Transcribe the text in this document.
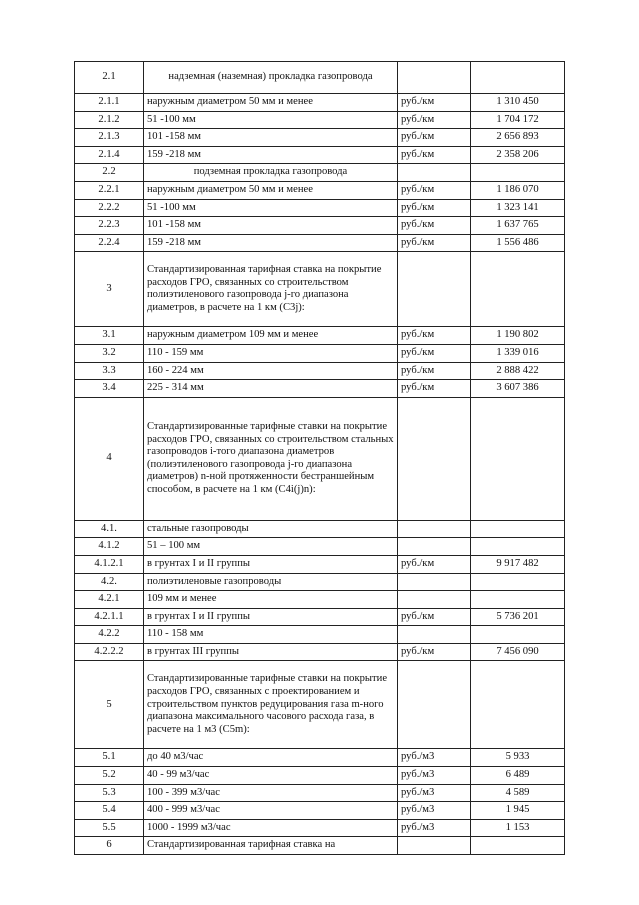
2.1	надземная (наземная) прокладка газопровода		
2.1.1	наружным диаметром 50 мм и менее	руб./км	1 310 450
2.1.2	51 -100 мм	руб./км	1 704 172
2.1.3	101 -158 мм	руб./км	2 656 893
2.1.4	159 -218 мм	руб./км	2 358 206
2.2	подземная прокладка газопровода		
2.2.1	наружным диаметром 50 мм и менее	руб./км	1 186 070
2.2.2	51 -100 мм	руб./км	1 323 141
2.2.3	101 -158 мм	руб./км	1 637 765
2.2.4	159 -218 мм	руб./км	1 556 486
3	Стандартизированная тарифная ставка на покрытие расходов ГРО, связанных со строительством полиэтиленового газопровода j-го диапазона диаметров, в расчете на 1 км (С3j):		
3.1	наружным диаметром 109 мм и менее	руб./км	1 190 802
3.2	110 - 159 мм	руб./км	1 339 016
3.3	160 - 224 мм	руб./км	2 888 422
3.4	225 - 314 мм	руб./км	3 607 386
4	Стандартизированные тарифные ставки на покрытие расходов ГРО, связанных со строительством стальных газопроводов i-того диапазона диаметров (полиэтиленового газопровода j-го диапазона диаметров) n-ной протяженности бестраншейным способом, в расчете на 1 км (С4i(j)n):		
4.1.	стальные газопроводы		
4.1.2	51 – 100 мм		
4.1.2.1	в грунтах I и II группы	руб./км	9 917 482
4.2.	полиэтиленовые газопроводы		
4.2.1	109 мм и менее		
4.2.1.1	в грунтах I и II группы	руб./км	5 736 201
4.2.2	110 - 158 мм		
4.2.2.2	в грунтах III группы	руб./км	7 456 090
5	Стандартизированные тарифные ставки на покрытие расходов ГРО, связанных с проектированием и строительством пунктов редуцирования газа m-ного диапазона максимального часового расхода газа, в расчете на 1 м3 (С5m):		
5.1	до 40 м3/час	руб./м3	5 933
5.2	40 - 99 м3/час	руб./м3	6 489
5.3	100 - 399 м3/час	руб./м3	4 589
5.4	400 - 999 м3/час	руб./м3	1 945
5.5	1000 - 1999 м3/час	руб./м3	1 153
6	Стандартизированная тарифная ставка на		
